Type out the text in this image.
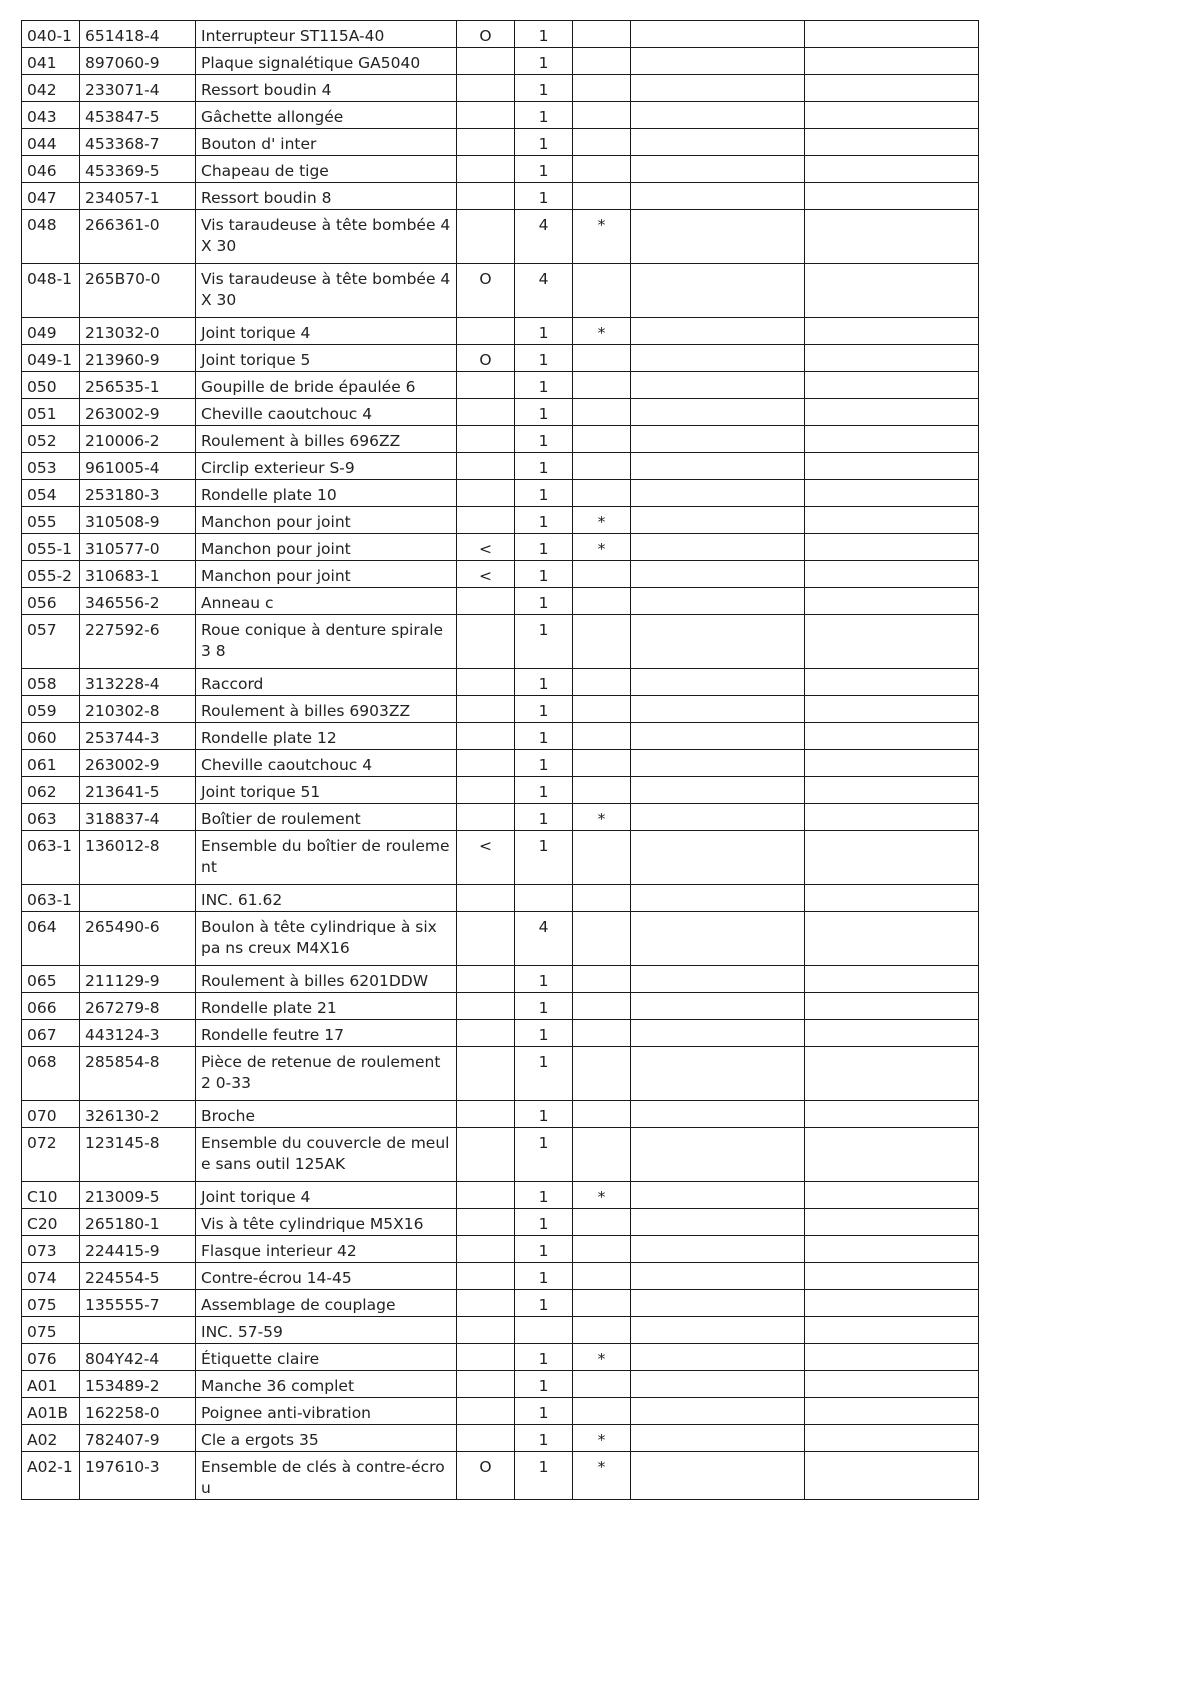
040-1	651418-4	Interrupteur ST115A-40	O	1			
041	897060-9	Plaque signalétique GA5040		1			
042	233071-4	Ressort boudin 4		1			
043	453847-5	Gâchette allongée		1			
044	453368-7	Bouton d' inter		1			
046	453369-5	Chapeau de tige		1			
047	234057-1	Ressort boudin 8		1			
048	266361-0	Vis taraudeuse à tête bombée 4X 30		4	*		
048-1	265B70-0	Vis taraudeuse à tête bombée 4X 30	O	4			
049	213032-0	Joint torique 4		1	*		
049-1	213960-9	Joint torique 5	O	1			
050	256535-1	Goupille de bride épaulée 6		1			
051	263002-9	Cheville caoutchouc 4		1			
052	210006-2	Roulement à billes 696ZZ		1			
053	961005-4	Circlip exterieur S-9		1			
054	253180-3	Rondelle plate 10		1			
055	310508-9	Manchon pour joint		1	*		
055-1	310577-0	Manchon pour joint	<	1	*		
055-2	310683-1	Manchon pour joint	<	1			
056	346556-2	Anneau c		1			
057	227592-6	Roue conique à denture spirale 3 8		1			
058	313228-4	Raccord		1			
059	210302-8	Roulement à billes 6903ZZ		1			
060	253744-3	Rondelle plate 12		1			
061	263002-9	Cheville caoutchouc 4		1			
062	213641-5	Joint torique 51		1			
063	318837-4	Boîtier de roulement		1	*		
063-1	136012-8	Ensemble du boîtier de rouleme nt	<	1			
063-1		INC. 61.62					
064	265490-6	Boulon à tête cylindrique à six pa ns creux M4X16		4			
065	211129-9	Roulement à billes 6201DDW		1			
066	267279-8	Rondelle plate 21		1			
067	443124-3	Rondelle feutre 17		1			
068	285854-8	Pièce de retenue de roulement 2 0-33		1			
070	326130-2	Broche		1			
072	123145-8	Ensemble du couvercle de meule sans outil 125AK		1			
C10	213009-5	Joint torique 4		1	*		
C20	265180-1	Vis à tête cylindrique M5X16		1			
073	224415-9	Flasque interieur 42		1			
074	224554-5	Contre-écrou 14-45		1			
075	135555-7	Assemblage de couplage		1			
075		INC. 57-59					
076	804Y42-4	Étiquette claire		1	*		
A01	153489-2	Manche 36 complet		1			
A01B	162258-0	Poignee anti-vibration		1			
A02	782407-9	Cle a ergots 35		1	*		
A02-1	197610-3	Ensemble de clés à contre-écrou	O	1	*		
